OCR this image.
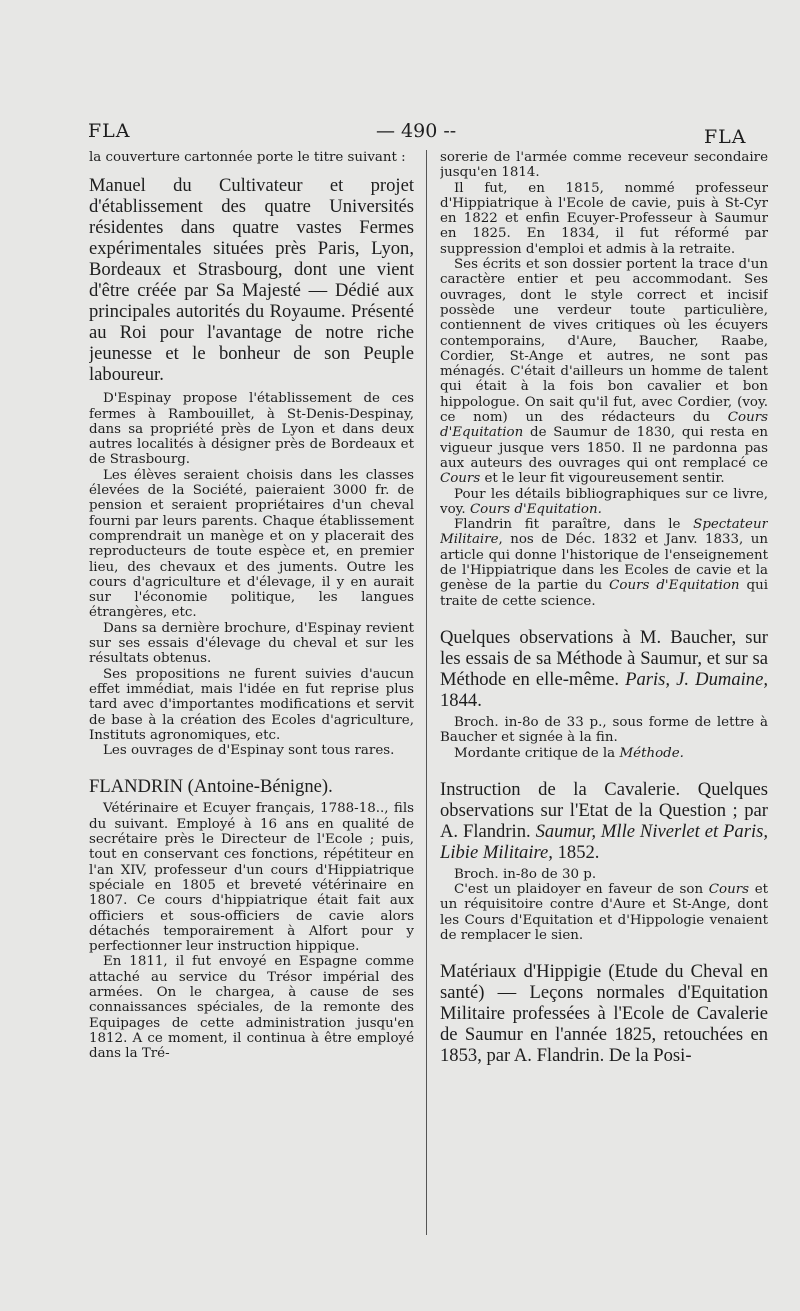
FLA	— 490 --	FLA

la couverture cartonnée porte le titre suivant :

Manuel du Cultivateur et projet d'établissement des quatre Universités résidentes dans quatre vastes Fermes expérimentales situées près Paris, Lyon, Bordeaux et Strasbourg, dont une vient d'être créée par Sa Majesté — Dédié aux principales autorités du Royaume. Présenté au Roi pour l'avantage de notre riche jeunesse et le bonheur de son Peuple laboureur.

D'Espinay propose l'établissement de ces fermes à Rambouillet, à St-Denis-Despinay, dans sa propriété près de Lyon et dans deux autres localités à désigner près de Bordeaux et de Strasbourg.

Les élèves seraient choisis dans les classes élevées de la Société, paieraient 3000 fr. de pension et seraient propriétaires d'un cheval fourni par leurs parents. Chaque établissement comprendrait un manège et on y placerait des reproducteurs de toute espèce et, en premier lieu, des chevaux et des juments. Outre les cours d'agriculture et d'élevage, il y en aurait sur l'économie politique, les langues étrangères, etc.

Dans sa dernière brochure, d'Espinay revient sur ses essais d'élevage du cheval et sur les résultats obtenus.

Ses propositions ne furent suivies d'aucun effet immédiat, mais l'idée en fut reprise plus tard avec d'importantes modifications et servit de base à la création des Ecoles d'agriculture, Instituts agronomiques, etc.

Les ouvrages de d'Espinay sont tous rares.

FLANDRIN (Antoine-Bénigne).

Vétérinaire et Ecuyer français, 1788-18.., fils du suivant. Employé à 16 ans en qualité de secrétaire près le Directeur de l'Ecole ; puis, tout en conservant ces fonctions, répétiteur en l'an XIV, professeur d'un cours d'Hippiatrique spéciale en 1805 et breveté vétérinaire en 1807. Ce cours d'hippiatrique était fait aux officiers et sous-officiers de cavie alors détachés temporairement à Alfort pour y perfectionner leur instruction hippique.

En 1811, il fut envoyé en Espagne comme attaché au service du Trésor impérial des armées. On le chargea, à cause de ses connaissances spéciales, de la remonte des Equipages de cette administration jusqu'en 1812. A ce moment, il continua à être employé dans la Tré-

sorerie de l'armée comme receveur secondaire jusqu'en 1814.

Il fut, en 1815, nommé professeur d'Hippiatrique à l'Ecole de cavie, puis à St-Cyr en 1822 et enfin Ecuyer-Professeur à Saumur en 1825. En 1834, il fut réformé par suppression d'emploi et admis à la retraite.

Ses écrits et son dossier portent la trace d'un caractère entier et peu accommodant. Ses ouvrages, dont le style correct et incisif possède une verdeur toute particulière, contiennent de vives critiques où les écuyers contemporains, d'Aure, Baucher, Raabe, Cordier, St-Ange et autres, ne sont pas ménagés. C'était d'ailleurs un homme de talent qui était à la fois bon cavalier et bon hippologue. On sait qu'il fut, avec Cordier, (voy. ce nom) un des rédacteurs du Cours d'Equitation de Saumur de 1830, qui resta en vigueur jusque vers 1850. Il ne pardonna pas aux auteurs des ouvrages qui ont remplacé ce Cours et le leur fit vigoureusement sentir.

Pour les détails bibliographiques sur ce livre, voy. Cours d'Equitation.

Flandrin fit paraître, dans le Spectateur Militaire, nos de Déc. 1832 et Janv. 1833, un article qui donne l'historique de l'enseignement de l'Hippiatrique dans les Ecoles de cavie et la genèse de la partie du Cours d'Equitation qui traite de cette science.

Quelques observations à M. Baucher, sur les essais de sa Méthode à Saumur, et sur sa Méthode en elle-même. Paris, J. Dumaine, 1844.

Broch. in-8o de 33 p., sous forme de lettre à Baucher et signée à la fin.

Mordante critique de la Méthode.

Instruction de la Cavalerie. Quelques observations sur l'Etat de la Question ; par A. Flandrin. Saumur, Mlle Niverlet et Paris, Libie Militaire, 1852.

Broch. in-8o de 30 p.

C'est un plaidoyer en faveur de son Cours et un réquisitoire contre d'Aure et St-Ange, dont les Cours d'Equitation et d'Hippologie venaient de remplacer le sien.

Matériaux d'Hippigie (Etude du Cheval en santé) — Leçons normales d'Equitation Militaire professées à l'Ecole de Cavalerie de Saumur en l'année 1825, retouchées en 1853, par A. Flandrin. De la Posi-
